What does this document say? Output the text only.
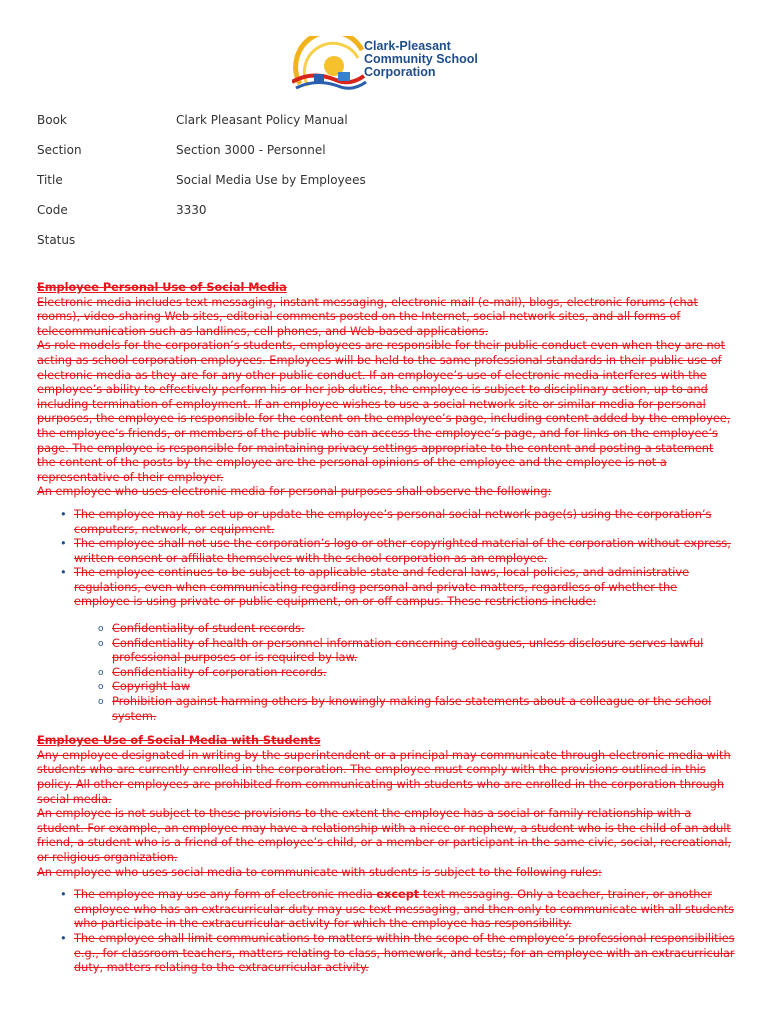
Clark-Pleasant
Community School
Corporation
Book	Clark Pleasant Policy Manual
Section	Section 3000 - Personnel
Title	Social Media Use by Employees
Code	3330
Status
Employee Personal Use of Social Media

Electronic media includes text messaging, instant messaging, electronic mail (e-mail), blogs, electronic forums (chat rooms), video-sharing Web sites, editorial comments posted on the Internet, social network sites, and all forms of telecommunication such as landlines, cell phones, and Web-based applications.

As role models for the corporation’s students, employees are responsible for their public conduct even when they are not acting as school corporation employees. Employees will be held to the same professional standards in their public use of electronic media as they are for any other public conduct. If an employee’s use of electronic media interferes with the employee’s ability to effectively perform his or her job duties, the employee is subject to disciplinary action, up to and including termination of employment. If an employee wishes to use a social network site or similar media for personal purposes, the employee is responsible for the content on the employee’s page, including content added by the employee, the employee’s friends, or members of the public who can access the employee’s page, and for links on the employee’s page. The employee is responsible for maintaining privacy settings appropriate to the content and posting a statement the content of the posts by the employee are the personal opinions of the employee and the employee is not a representative of their employer.

An employee who uses electronic media for personal purposes shall observe the following:

• The employee may not set up or update the employee’s personal social network page(s) using the corporation’s computers, network, or equipment.
• The employee shall not use the corporation’s logo or other copyrighted material of the corporation without express, written consent or affiliate themselves with the school corporation as an employee.
• The employee continues to be subject to applicable state and federal laws, local policies, and administrative regulations, even when communicating regarding personal and private matters, regardless of whether the employee is using private or public equipment, on or off campus. These restrictions include:
o Confidentiality of student records.
o Confidentiality of health or personnel information concerning colleagues, unless disclosure serves lawful professional purposes or is required by law.
o Confidentiality of corporation records.
o Copyright law
o Prohibition against harming others by knowingly making false statements about a colleague or the school system.
Employee Use of Social Media with Students

Any employee designated in writing by the superintendent or a principal may communicate through electronic media with students who are currently enrolled in the corporation. The employee must comply with the provisions outlined in this policy. All other employees are prohibited from communicating with students who are enrolled in the corporation through social media.

An employee is not subject to these provisions to the extent the employee has a social or family relationship with a student. For example, an employee may have a relationship with a niece or nephew, a student who is the child of an adult friend, a student who is a friend of the employee’s child, or a member or participant in the same civic, social, recreational, or religious organization.

An employee who uses social media to communicate with students is subject to the following rules:

• The employee may use any form of electronic media except text messaging. Only a teacher, trainer, or another employee who has an extracurricular duty may use text messaging, and then only to communicate with all students who participate in the extracurricular activity for which the employee has responsibility.
• The employee shall limit communications to matters within the scope of the employee’s professional responsibilities e.g., for classroom teachers, matters relating to class, homework, and tests; for an employee with an extracurricular duty, matters relating to the extracurricular activity.
